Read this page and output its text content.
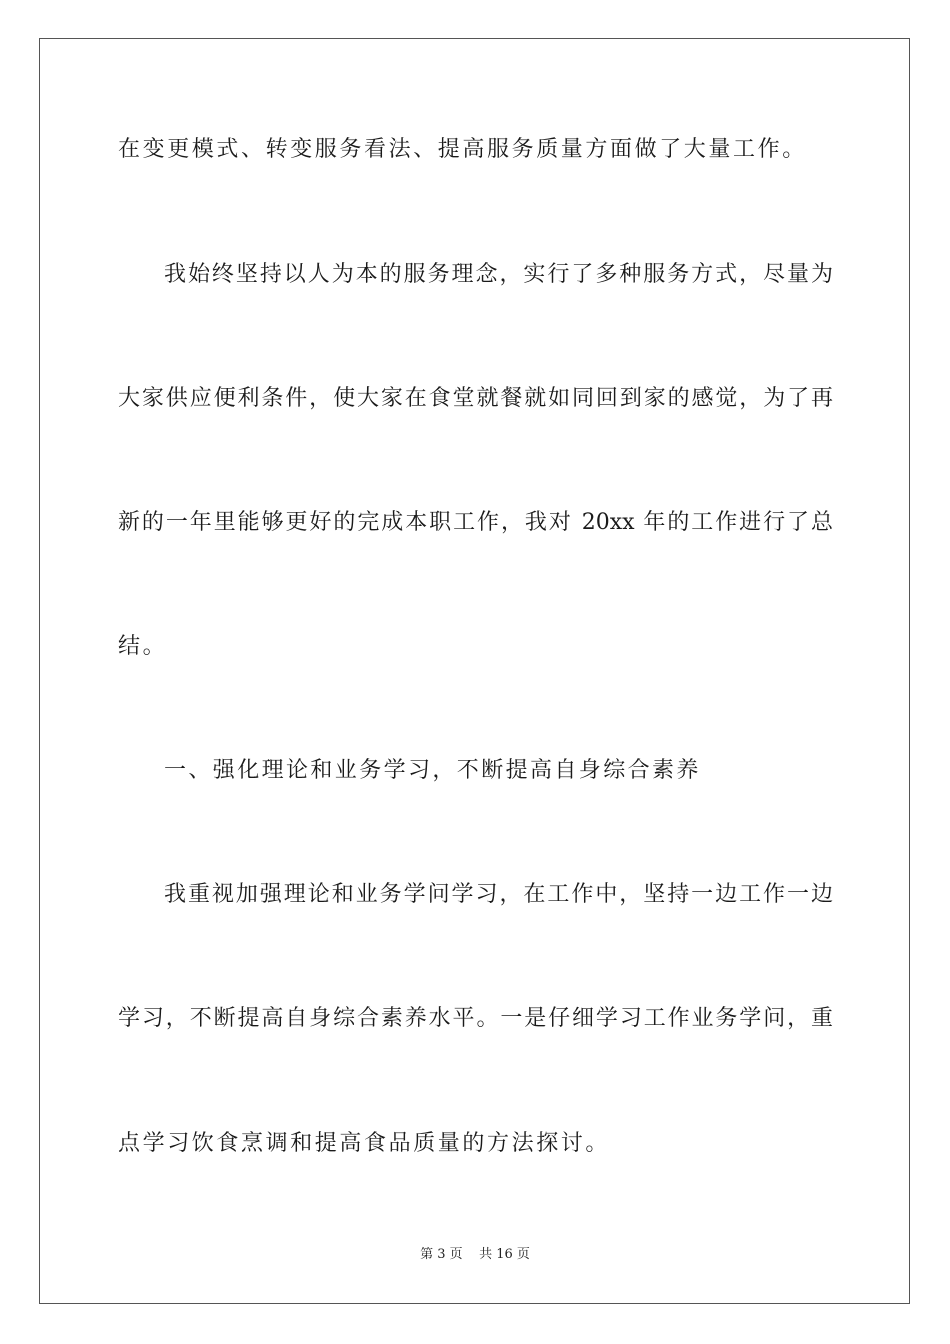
在变更模式、转变服务看法、提高服务质量方面做了大量工作。
我始终坚持以人为本的服务理念，实行了多种服务方式，尽量为
大家供应便利条件，使大家在食堂就餐就如同回到家的感觉，为了再
新的一年里能够更好的完成本职工作，我对 20xx 年的工作进行了总
结。
一、强化理论和业务学习，不断提高自身综合素养
我重视加强理论和业务学问学习，在工作中，坚持一边工作一边
学习，不断提高自身综合素养水平。一是仔细学习工作业务学问，重
点学习饮食烹调和提高食品质量的方法探讨。
第 3 页    共 16 页
